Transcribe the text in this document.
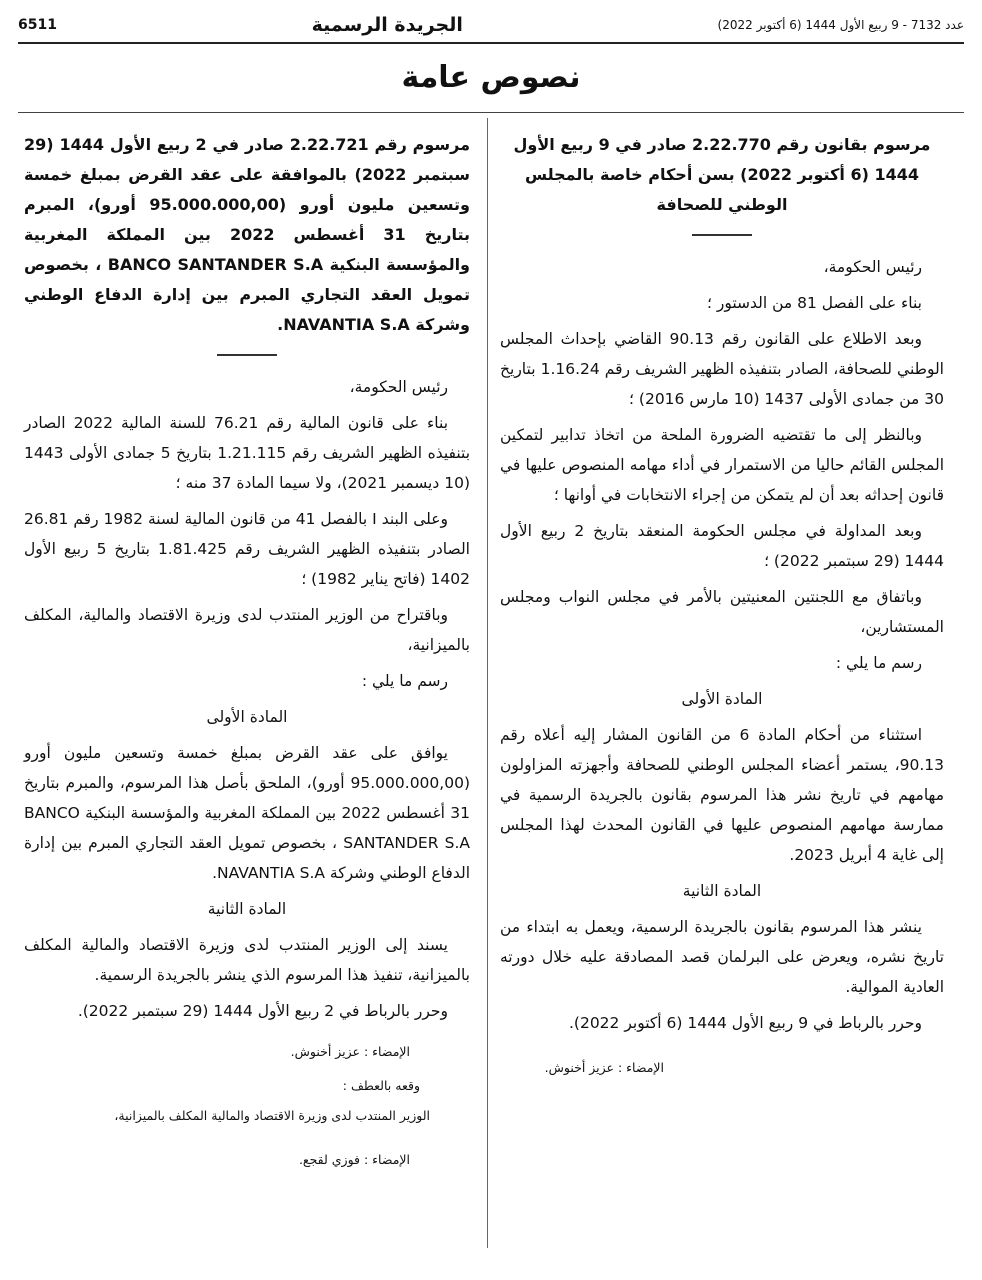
6511	الجريدة الرسمية	عدد 7132 - 9 ربيع الأول 1444 (6 أكتوبر 2022)
نصوص عامة

مرسوم بقانون رقم 2.22.770 صادر في 9 ربيع الأول 1444 (6 أكتوبر 2022) بسن أحكام خاصة بالمجلس الوطني للصحافة

رئيس الحكومة،

بناء على الفصل 81 من الدستور ؛

وبعد الاطلاع على القانون رقم 90.13 القاضي بإحداث المجلس الوطني للصحافة، الصادر بتنفيذه الظهير الشريف رقم 1.16.24 بتاريخ 30 من جمادى الأولى 1437 (10 مارس 2016) ؛

وبالنظر إلى ما تقتضيه الضرورة الملحة من اتخاذ تدابير لتمكين المجلس القائم حاليا من الاستمرار في أداء مهامه المنصوص عليها في قانون إحداثه بعد أن لم يتمكن من إجراء الانتخابات في أوانها ؛

وبعد المداولة في مجلس الحكومة المنعقد بتاريخ 2 ربيع الأول 1444 (29 سبتمبر 2022) ؛

وباتفاق مع اللجنتين المعنيتين بالأمر في مجلس النواب ومجلس المستشارين،

رسم ما يلي :

المادة الأولى

استثناء من أحكام المادة 6 من القانون المشار إليه أعلاه رقم 90.13، يستمر أعضاء المجلس الوطني للصحافة وأجهزته المزاولون مهامهم في تاريخ نشر هذا المرسوم بقانون بالجريدة الرسمية في ممارسة مهامهم المنصوص عليها في القانون المحدث لهذا المجلس إلى غاية 4 أبريل 2023.

المادة الثانية

ينشر هذا المرسوم بقانون بالجريدة الرسمية، ويعمل به ابتداء من تاريخ نشره، ويعرض على البرلمان قصد المصادقة عليه خلال دورته العادية الموالية.

وحرر بالرباط في 9 ربيع الأول 1444 (6 أكتوبر 2022).

الإمضاء : عزيز أخنوش.

مرسوم رقم 2.22.721 صادر في 2 ربيع الأول 1444 (29 سبتمبر 2022) بالموافقة على عقد القرض بمبلغ خمسة وتسعين مليون أورو (95.000.000,00 أورو)، المبرم بتاريخ 31 أغسطس 2022 بين المملكة المغربية والمؤسسة البنكية BANCO SANTANDER S.A ، بخصوص تمويل العقد التجاري المبرم بين إدارة الدفاع الوطني وشركة NAVANTIA S.A.

رئيس الحكومة،

بناء على قانون المالية رقم 76.21 للسنة المالية 2022 الصادر بتنفيذه الظهير الشريف رقم 1.21.115 بتاريخ 5 جمادى الأولى 1443 (10 ديسمبر 2021)، ولا سيما المادة 37 منه ؛

وعلى البند I بالفصل 41 من قانون المالية لسنة 1982 رقم 26.81 الصادر بتنفيذه الظهير الشريف رقم 1.81.425 بتاريخ 5 ربيع الأول 1402 (فاتح يناير 1982) ؛

وباقتراح من الوزير المنتدب لدى وزيرة الاقتصاد والمالية، المكلف بالميزانية،

رسم ما يلي :

المادة الأولى

يوافق على عقد القرض بمبلغ خمسة وتسعين مليون أورو (95.000.000,00 أورو)، الملحق بأصل هذا المرسوم، والمبرم بتاريخ 31 أغسطس 2022 بين المملكة المغربية والمؤسسة البنكية BANCO SANTANDER S.A ، بخصوص تمويل العقد التجاري المبرم بين إدارة الدفاع الوطني وشركة NAVANTIA S.A.

المادة الثانية

يسند إلى الوزير المنتدب لدى وزيرة الاقتصاد والمالية المكلف بالميزانية، تنفيذ هذا المرسوم الذي ينشر بالجريدة الرسمية.

وحرر بالرباط في 2 ربيع الأول 1444 (29 سبتمبر 2022).

الإمضاء : عزيز أخنوش.

وقعه بالعطف :

الوزير المنتدب لدى وزيرة الاقتصاد والمالية المكلف بالميزانية،

الإمضاء : فوزي لقجع.
